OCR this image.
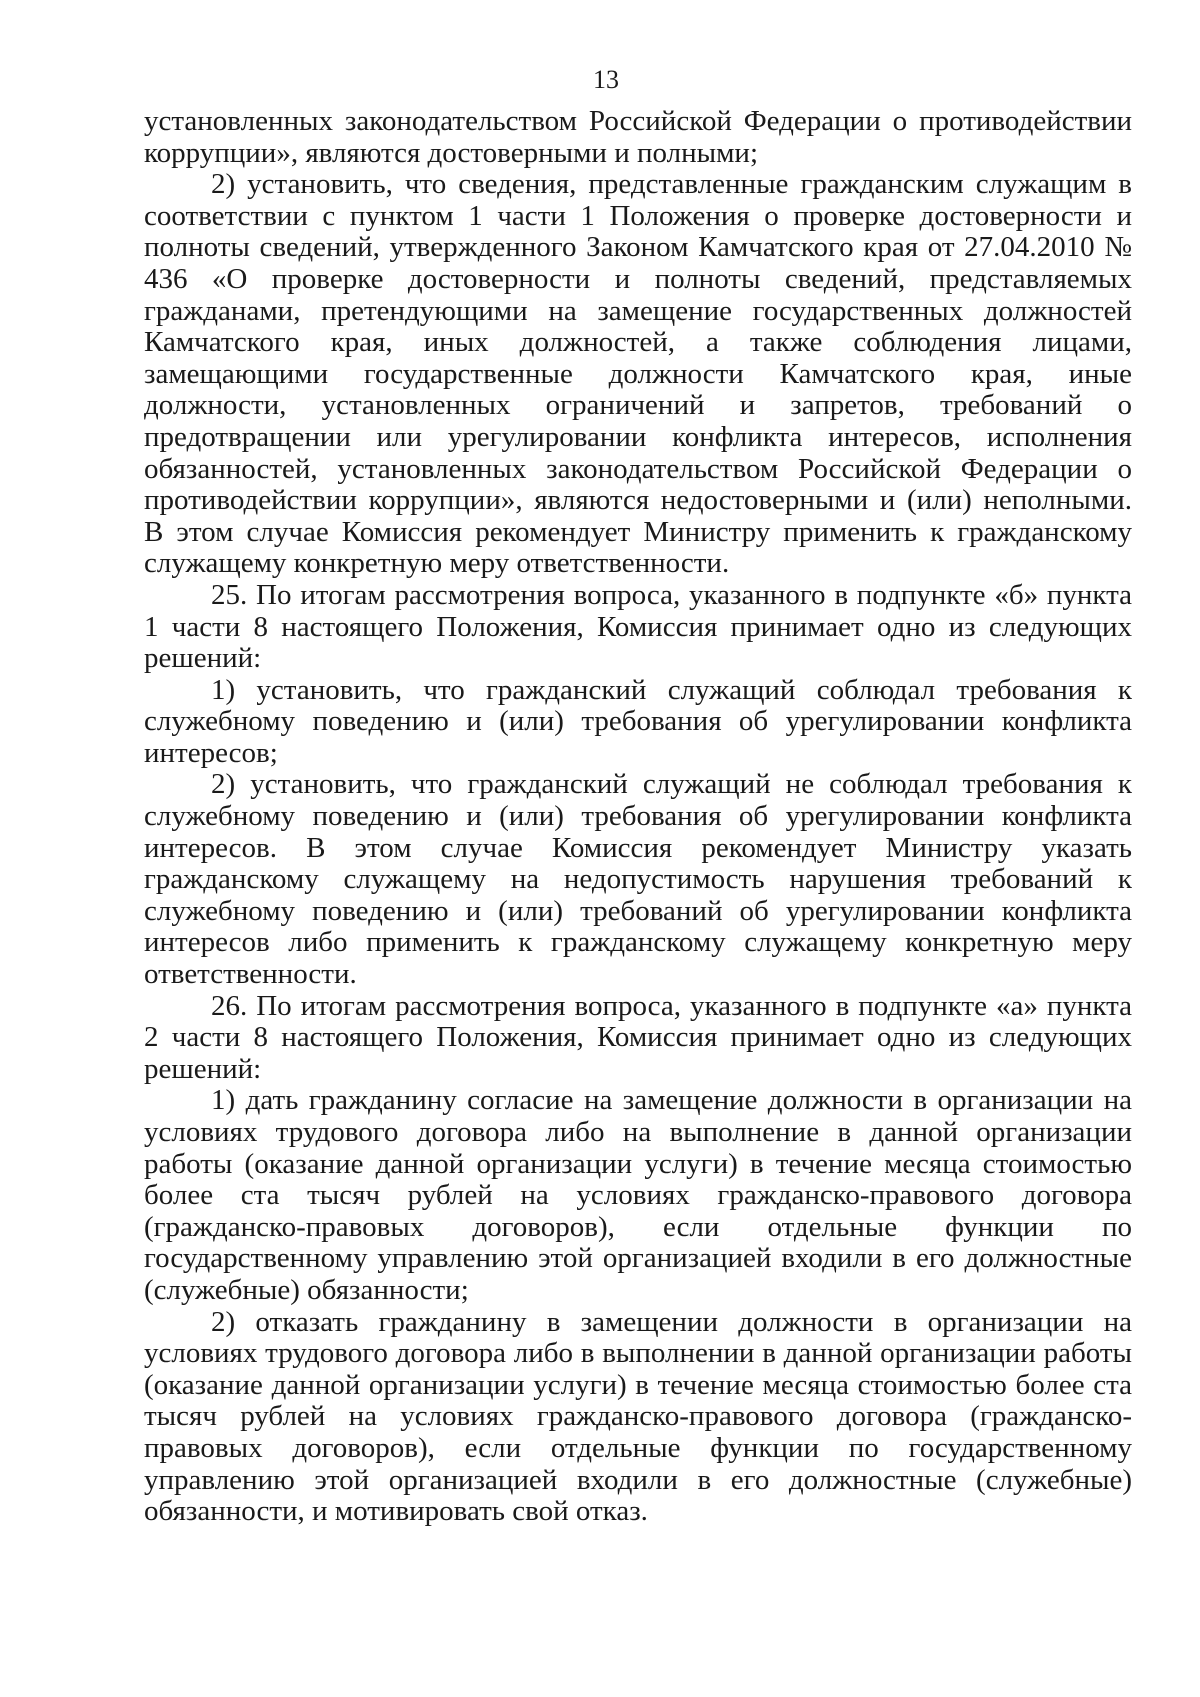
13

установленных законодательством Российской Федерации о противодействии коррупции», являются достоверными и полными;

2) установить, что сведения, представленные гражданским служащим в соответствии с пунктом 1 части 1 Положения о проверке достоверности и полноты сведений, утвержденного Законом Камчатского края от 27.04.2010 № 436 «О проверке достоверности и полноты сведений, представляемых гражданами, претендующими на замещение государственных должностей Камчатского края, иных должностей, а также соблюдения лицами, замещающими государственные должности Камчатского края, иные должности, установленных ограничений и запретов, требований о предотвращении или урегулировании конфликта интересов, исполнения обязанностей, установленных законодательством Российской Федерации о противодействии коррупции», являются недостоверными и (или) неполными. В этом случае Комиссия рекомендует Министру применить к гражданскому служащему конкретную меру ответственности.

25. По итогам рассмотрения вопроса, указанного в подпункте «б» пункта 1 части 8 настоящего Положения, Комиссия принимает одно из следующих решений:

1) установить, что гражданский служащий соблюдал требования к служебному поведению и (или) требования об урегулировании конфликта интересов;

2) установить, что гражданский служащий не соблюдал требования к служебному поведению и (или) требования об урегулировании конфликта интересов. В этом случае Комиссия рекомендует Министру указать гражданскому служащему на недопустимость нарушения требований к служебному поведению и (или) требований об урегулировании конфликта интересов либо применить к гражданскому служащему конкретную меру ответственности.

26. По итогам рассмотрения вопроса, указанного в подпункте «а» пункта 2 части 8 настоящего Положения, Комиссия принимает одно из следующих решений:

1) дать гражданину согласие на замещение должности в организации на условиях трудового договора либо на выполнение в данной организации работы (оказание данной организации услуги) в течение месяца стоимостью более ста тысяч рублей на условиях гражданско-правового договора (гражданско-правовых договоров), если отдельные функции по государственному управлению этой организацией входили в его должностные (служебные) обязанности;

2) отказать гражданину в замещении должности в организации на условиях трудового договора либо в выполнении в данной организации работы (оказание данной организации услуги) в течение месяца стоимостью более ста тысяч рублей на условиях гражданско-правового договора (гражданско-правовых договоров), если отдельные функции по государственному управлению этой организацией входили в его должностные (служебные) обязанности, и мотивировать свой отказ.
